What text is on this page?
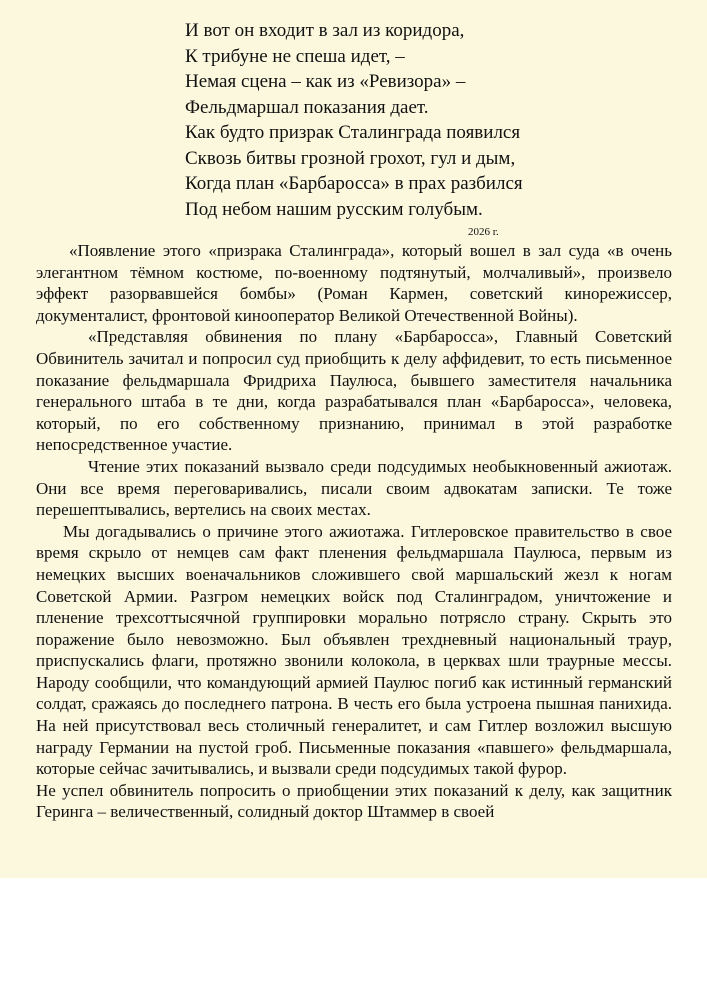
И вот он входит в зал из коридора,
К трибуне не спеша идет, –
Немая сцена – как из «Ревизора» –
Фельдмаршал показания дает.
Как будто призрак Сталинграда появился
Сквозь битвы грозной грохот, гул и дым,
Когда план «Барбаросса» в прах разбился
Под небом нашим русским голубым.
2026 г.

«Появление этого «призрака Сталинграда», который вошел в зал суда «в очень элегантном тёмном костюме, по-военному подтянутый, молчаливый», произвело эффект разорвавшейся бомбы» (Роман Кармен, советский кинорежиссер, документалист, фронтовой кинооператор Великой Отечественной Войны).

«Представляя обвинения по плану «Барбаросса», Главный Советский Обвинитель зачитал и попросил суд приобщить к делу аффидевит, то есть письменное показание фельдмаршала Фридриха Паулюса, бывшего заместителя начальника генерального штаба в те дни, когда разрабатывался план «Барбаросса», человека, который, по его собственному признанию, принимал в этой разработке непосредственное участие.

Чтение этих показаний вызвало среди подсудимых необыкновенный ажиотаж. Они все время переговаривались, писали своим адвокатам записки. Те тоже перешептывались, вертелись на своих местах.

Мы догадывались о причине этого ажиотажа. Гитлеровское правительство в свое время скрыло от немцев сам факт пленения фельдмаршала Паулюса, первым из немецких высших военачальников сложившего свой маршальский жезл к ногам Советской Армии. Разгром немецких войск под Сталинградом, уничтожение и пленение трехсоттысячной группировки морально потрясло страну. Скрыть это поражение было невозможно. Был объявлен трехдневный национальный траур, приспускались флаги, протяжно звонили колокола, в церквах шли траурные мессы. Народу сообщили, что командующий армией Паулюс погиб как истинный германский солдат, сражаясь до последнего патрона. В честь его была устроена пышная панихида. На ней присутствовал весь столичный генералитет, и сам Гитлер возложил высшую награду Германии на пустой гроб. Письменные показания «павшего» фельдмаршала, которые сейчас зачитывались, и вызвали среди подсудимых такой фурор.

Не успел обвинитель попросить о приобщении этих показаний к делу, как защитник Геринга – величественный, солидный доктор Штаммер в своей
